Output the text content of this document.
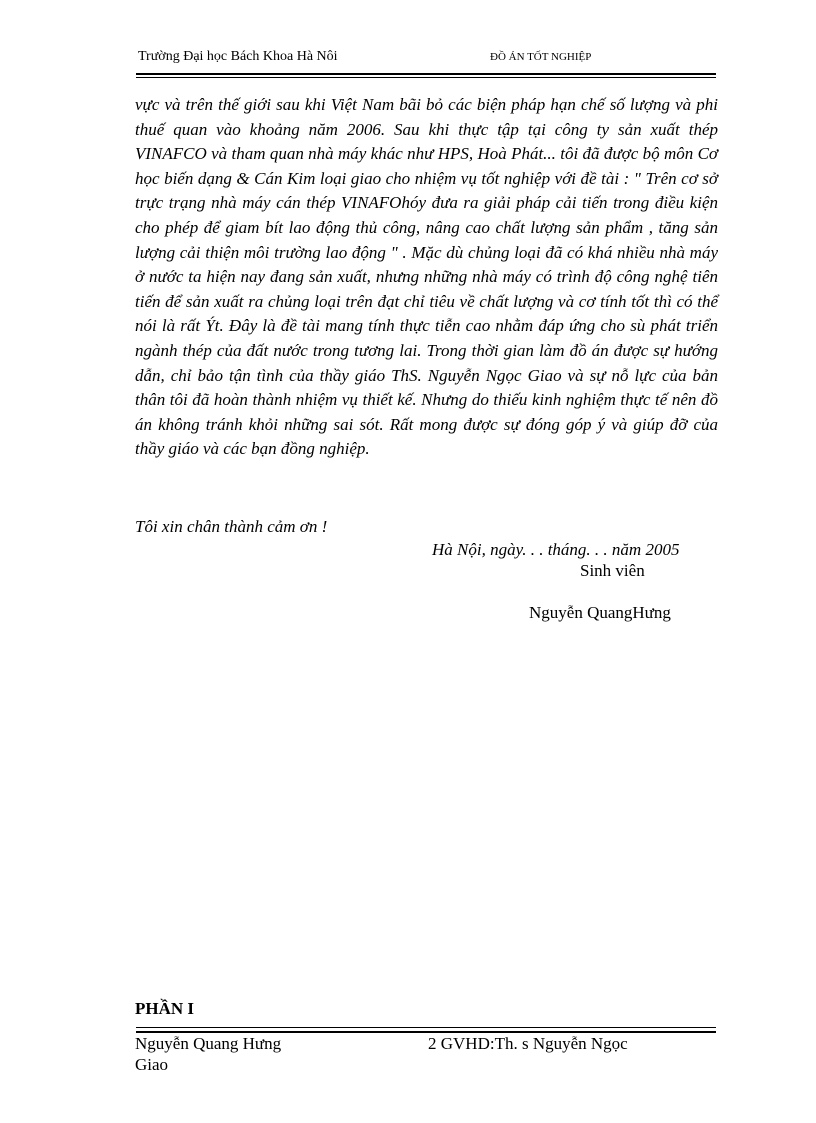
Trường Đại học Bách Khoa Hà Nôi	ĐỒ ÁN TỐT NGHIỆP

vực và trên thế giới sau khi Việt Nam bãi bỏ các biện pháp hạn chế số lượng và phi thuế quan vào khoảng năm 2006. Sau khi thực tập tại công ty sản xuất thép VINAFCO và tham quan nhà máy khác như HPS, Hoà Phát... tôi đã được bộ môn Cơ học biến dạng & Cán Kim loại giao cho nhiệm vụ tốt nghiệp với đề tài : " Trên cơ sở trực trạng nhà máy cán thép VINAFOhóy đưa ra giải pháp cải tiến trong điều kiện cho phép để giam bít lao động thủ công, nâng cao chất lượng sản phẩm , tăng sản lượng cải thiện môi trường lao động " . Mặc dù chủng loại đã có khá nhiều nhà máy ở nước ta hiện nay đang sản xuất, nhưng những nhà máy có trình độ công nghệ tiên tiến để sản xuất ra chủng loại trên đạt chỉ tiêu về chất lượng và cơ tính tốt thì có thể nói là rất Ýt. Đây là đề tài mang tính thực tiễn cao nhằm đáp ứng cho sù phát triển ngành thép của đất nước trong tương lai. Trong thời gian làm đồ án được sự hướng dẫn, chỉ bảo tận tình của thầy giáo ThS. Nguyễn Ngọc Giao và sự nỗ lực của bản thân tôi đã hoàn thành nhiệm vụ thiết kế. Nhưng do thiếu kinh nghiệm thực tế nên đồ án không tránh khỏi những sai sót. Rất mong được sự đóng góp ý và giúp đỡ của thầy giáo và các bạn đồng nghiệp.

Tôi xin chân thành cảm ơn !
Hà Nội, ngày. . . tháng. . . năm 2005
Sinh viên
Nguyễn QuangHưng
PHẦN I
Nguyễn Quang Hưng	2 GVHD:Th. s Nguyễn Ngọc
Giao
